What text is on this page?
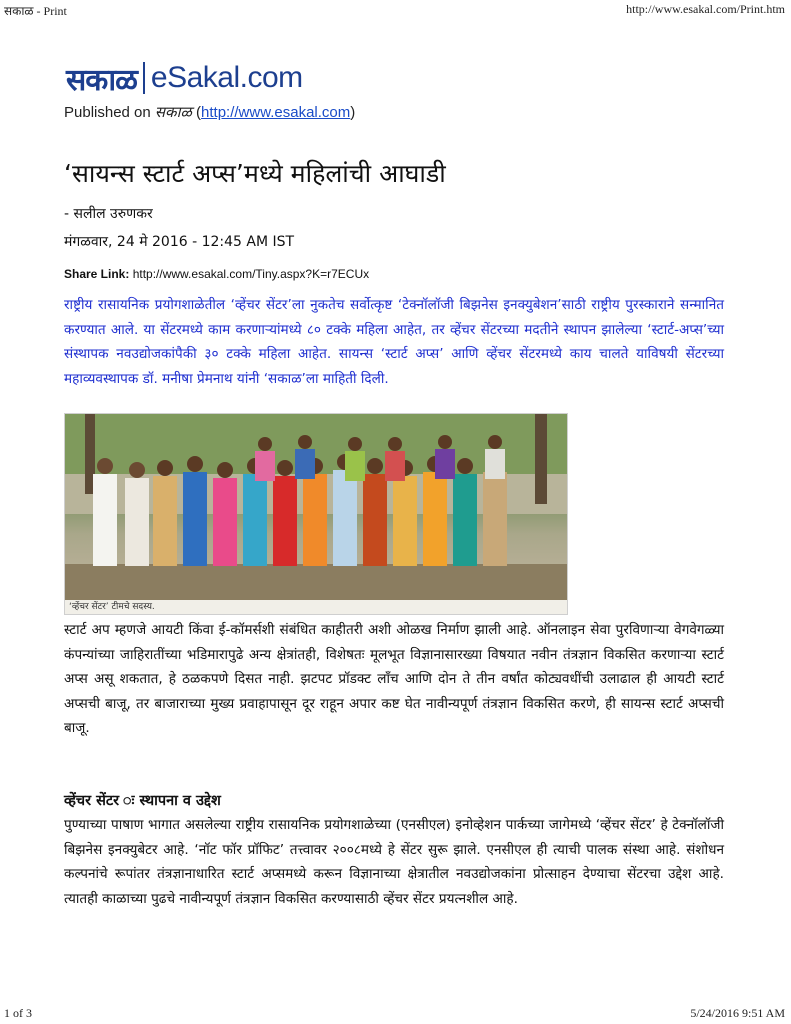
सकाळ - Print	http://www.esakal.com/Print.htm
सकाळ eSakal.com
Published on सकाळ (http://www.esakal.com)
‘सायन्स स्टार्ट अप्स’मध्ये महिलांची आघाडी
- सलील उरुणकर
मंगळवार, 24 मे 2016 - 12:45 AM IST
Share Link: http://www.esakal.com/Tiny.aspx?K=r7ECUx

राष्ट्रीय रासायनिक प्रयोगशाळेतील ‘व्हेंचर सेंटर’ला नुकतेच सर्वोत्कृष्ट ‘टेक्नॉलॉजी बिझनेस इनक्युबेशन’साठी राष्ट्रीय पुरस्काराने सन्मानित करण्यात आले. या सेंटरमध्ये काम करणाऱ्यांमध्ये ८० टक्के महिला आहेत, तर व्हेंचर सेंटरच्या मदतीने स्थापन झालेल्या ‘स्टार्ट-अप्स’च्या संस्थापक नवउद्योजकांपैकी ३० टक्के महिला आहेत. सायन्स ‘स्टार्ट अप्स’ आणि व्हेंचर सेंटरमध्ये काय चालते याविषयी सेंटरच्या महाव्यवस्थापक डॉ. मनीषा प्रेमनाथ यांनी ‘सकाळ’ला माहिती दिली.

‘व्हेंचर सेंटर’ टीमचे सदस्य.

स्टार्ट अप म्हणजे आयटी किंवा ई-कॉमर्सशी संबंधित काहीतरी अशी ओळख निर्माण झाली आहे. ऑनलाइन सेवा पुरविणाऱ्या वेगवेगळ्या कंपन्यांच्या जाहिरातींच्या भडिमारापुढे अन्य क्षेत्रांतही, विशेषतः मूलभूत विज्ञानासारख्या विषयात नवीन तंत्रज्ञान विकसित करणाऱ्या स्टार्ट अप्स असू शकतात, हे ठळकपणे दिसत नाही. झटपट प्रॉडक्ट लॉंच आणि दोन ते तीन वर्षांत कोट्यवधींची उलाढाल ही आयटी स्टार्ट अप्सची बाजू, तर बाजाराच्या मुख्य प्रवाहापासून दूर राहून अपार कष्ट घेत नावीन्यपूर्ण तंत्रज्ञान विकसित करणे, ही सायन्स स्टार्ट अप्सची बाजू.

व्हेंचर सेंटर ः स्थापना व उद्देश

पुण्याच्या पाषाण भागात असलेल्या राष्ट्रीय रासायनिक प्रयोगशाळेच्या (एनसीएल) इनोव्हेशन पार्कच्या जागेमध्ये ‘व्हेंचर सेंटर’ हे टेक्नॉलॉजी बिझनेस इनक्युबेटर आहे. ‘नॉट फॉर प्रॉफिट’ तत्त्वावर २००८मध्ये हे सेंटर सुरू झाले. एनसीएल ही त्याची पालक संस्था आहे. संशोधन कल्पनांचे रूपांतर तंत्रज्ञानाधारित स्टार्ट अप्समध्ये करून विज्ञानाच्या क्षेत्रातील नवउद्योजकांना प्रोत्साहन देण्याचा सेंटरचा उद्देश आहे. त्यातही काळाच्या पुढचे नावीन्यपूर्ण तंत्रज्ञान विकसित करण्यासाठी व्हेंचर सेंटर प्रयत्नशील आहे.

1 of 3	5/24/2016 9:51 AM
